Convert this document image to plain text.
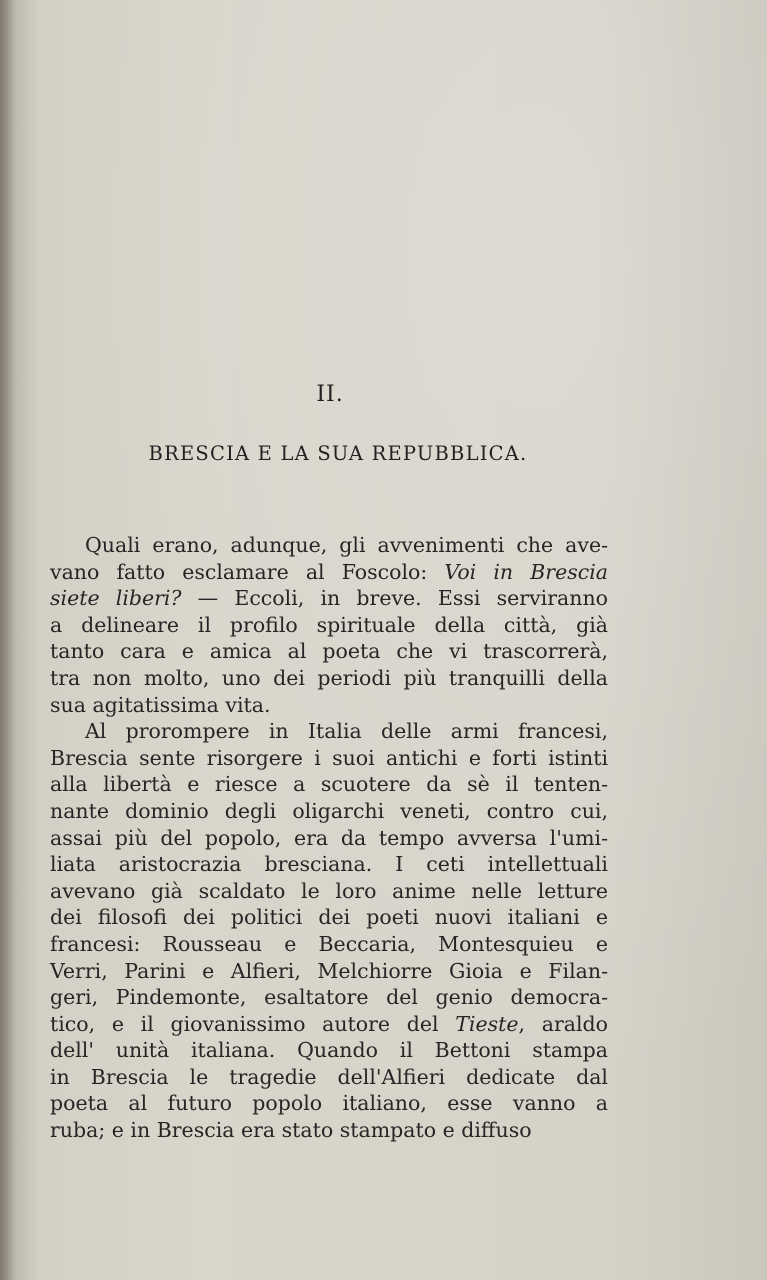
II.
BRESCIA E LA SUA REPUBBLICA.
Quali erano, adunque, gli avvenimenti che ave-
vano fatto esclamare al Foscolo: Voi in Brescia
siete liberi? — Eccoli, in breve. Essi serviranno
a delineare il profilo spirituale della città, già
tanto cara e amica al poeta che vi trascorrerà,
tra non molto, uno dei periodi più tranquilli della
sua agitatissima vita.
Al prorompere in Italia delle armi francesi,
Brescia sente risorgere i suoi antichi e forti istinti
alla libertà e riesce a scuotere da sè il tenten-
nante dominio degli oligarchi veneti, contro cui,
assai più del popolo, era da tempo avversa l'umi-
liata aristocrazia bresciana. I ceti intellettuali
avevano già scaldato le loro anime nelle letture
dei filosofi dei politici dei poeti nuovi italiani e
francesi: Rousseau e Beccaria, Montesquieu e
Verri, Parini e Alfieri, Melchiorre Gioia e Filan-
geri, Pindemonte, esaltatore del genio democra-
tico, e il giovanissimo autore del Tieste, araldo
dell' unità italiana. Quando il Bettoni stampa
in Brescia le tragedie dell'Alfieri dedicate dal
poeta al futuro popolo italiano, esse vanno a
ruba; e in Brescia era stato stampato e diffuso
